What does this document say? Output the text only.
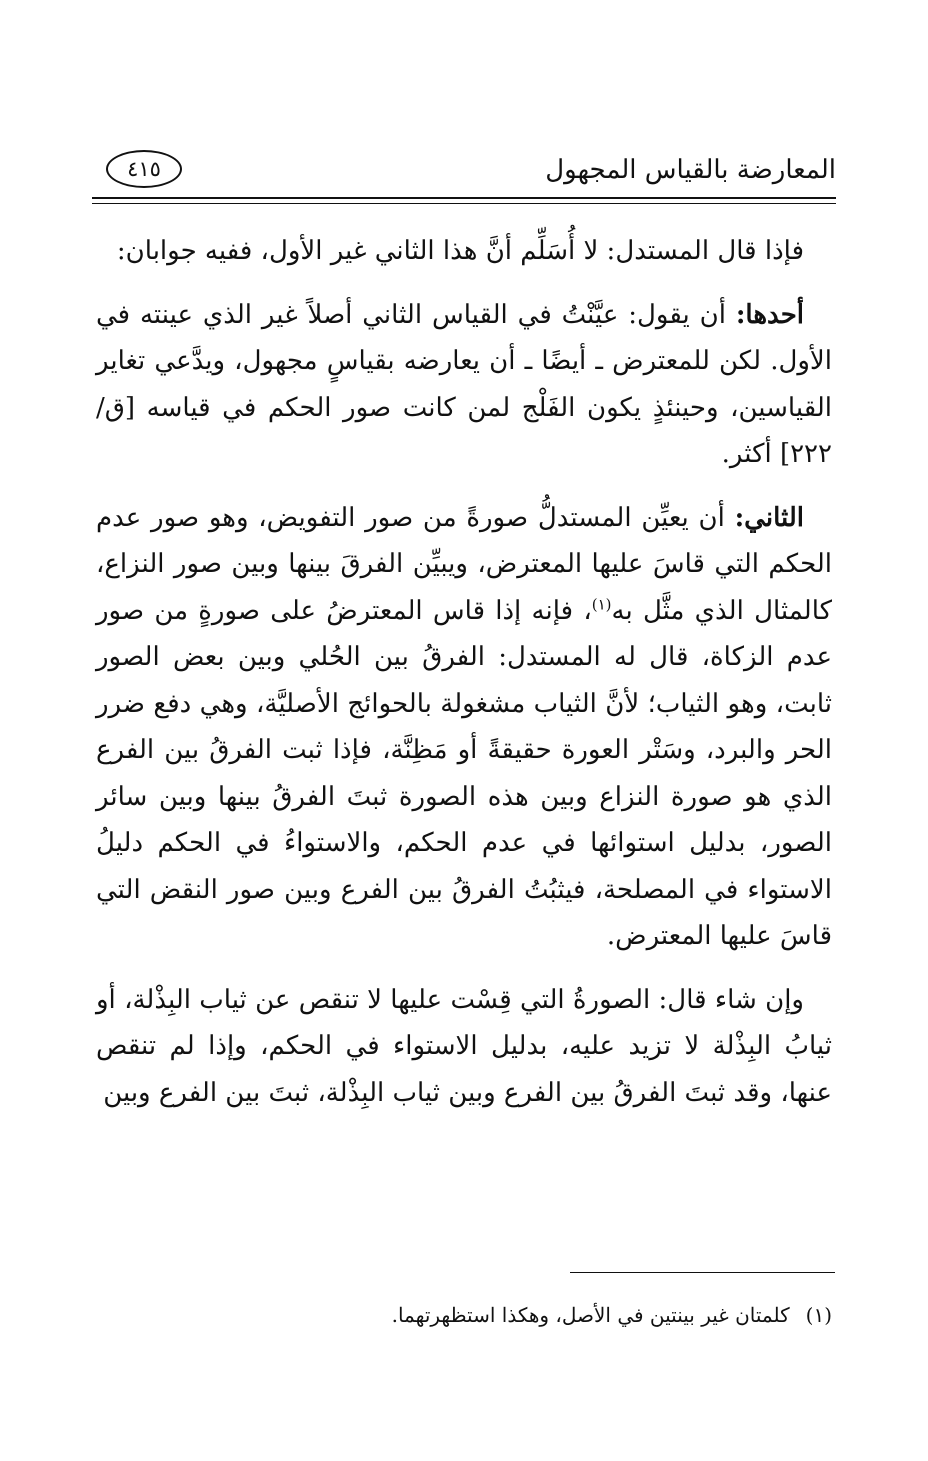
المعارضة بالقياس المجهول
٤١٥

فإذا قال المستدل: لا أُسَلِّم أنَّ هذا الثاني غير الأول، ففيه جوابان:

أحدها: أن يقول: عيَّنْتُ في القياس الثاني أصلاً غير الذي عينته في الأول. لكن للمعترض ـ أيضًا ـ أن يعارضه بقياسٍ مجهول، ويدَّعي تغاير القياسين، وحينئذٍ يكون الفَلْج لمن كانت صور الحكم في قياسه [ق/ ٢٢٢] أكثر.

الثاني: أن يعيِّن المستدلُّ صورةً من صور التفويض، وهو صور عدم الحكم التي قاسَ عليها المعترض، ويبيِّن الفرقَ بينها وبين صور النزاع، كالمثال الذي مثَّل به$^{(١)}$، فإنه إذا قاس المعترضُ على صورةٍ من صور عدم الزكاة، قال له المستدل: الفرقُ بين الحُلي وبين بعض الصور ثابت، وهو الثياب؛ لأنَّ الثياب مشغولة بالحوائج الأصليَّة، وهي دفع ضرر الحر والبرد، وسَتْر العورة حقيقةً أو مَظِنَّة، فإذا ثبت الفرقُ بين الفرع الذي هو صورة النزاع وبين هذه الصورة ثبتَ الفرقُ بينها وبين سائر الصور، بدليل استوائها في عدم الحكم، والاستواءُ في الحكم دليلُ الاستواء في المصلحة، فيثبُتُ الفرقُ بين الفرع وبين صور النقض التي قاسَ عليها المعترض.

وإن شاء قال: الصورةُ التي قِسْت عليها لا تنقص عن ثياب البِذْلة، أو ثيابُ البِذْلة لا تزيد عليه، بدليل الاستواء في الحكم، وإذا لم تنقص عنها، وقد ثبتَ الفرقُ بين الفرع وبين ثياب البِذْلة، ثبتَ بين الفرع وبين

(١)كلمتان غير بينتين في الأصل، وهكذا استظهرتهما.
